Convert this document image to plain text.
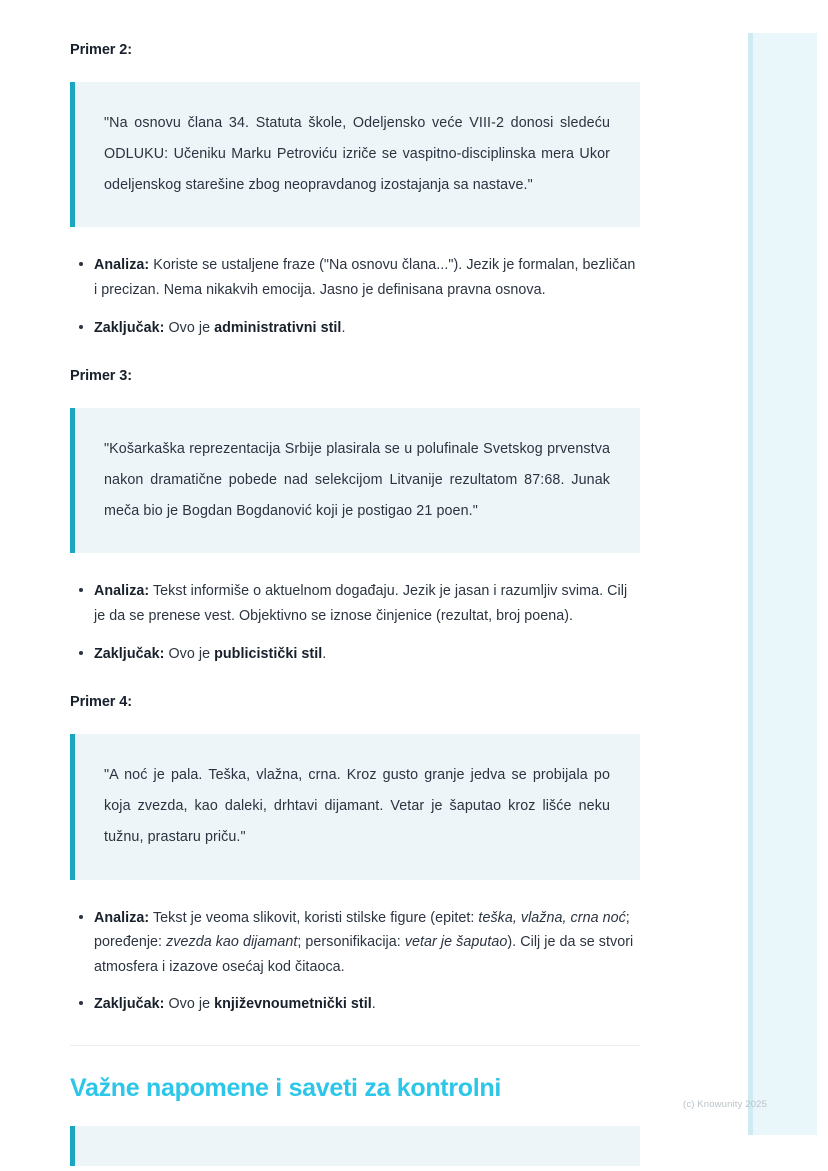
Primer 2:

"Na osnovu člana 34. Statuta škole, Odeljensko veće VIII-2 donosi sledeću ODLUKU: Učeniku Marku Petroviću izriče se vaspitno-disciplinska mera Ukor odeljenskog starešine zbog neopravdanog izostajanja sa nastave."
Analiza: Koriste se ustaljene fraze ("Na osnovu člana..."). Jezik je formalan, bezličan i precizan. Nema nikakvih emocija. Jasno je definisana pravna osnova.
Zaključak: Ovo je administrativni stil.

Primer 3:

"Košarkaška reprezentacija Srbije plasirala se u polufinale Svetskog prvenstva nakon dramatične pobede nad selekcijom Litvanije rezultatom 87:68. Junak meča bio je Bogdan Bogdanović koji je postigao 21 poen."
Analiza: Tekst informiše o aktuelnom događaju. Jezik je jasan i razumljiv svima. Cilj je da se prenese vest. Objektivno se iznose činjenice (rezultat, broj poena).
Zaključak: Ovo je publicistički stil.

Primer 4:

"A noć je pala. Teška, vlažna, crna. Kroz gusto granje jedva se probijala po koja zvezda, kao daleki, drhtavi dijamant. Vetar je šaputao kroz lišće neku tužnu, prastaru priču."
Analiza: Tekst je veoma slikovit, koristi stilske figure (epitet: teška, vlažna, crna noć; poređenje: zvezda kao dijamant; personifikacija: vetar je šaputao). Cilj je da se stvori atmosfera i izazove osećaj kod čitaoca.
Zaključak: Ovo je književnoumetnički stil.
Važne napomene i saveti za kontrolni
(c) Knowunity 2025
